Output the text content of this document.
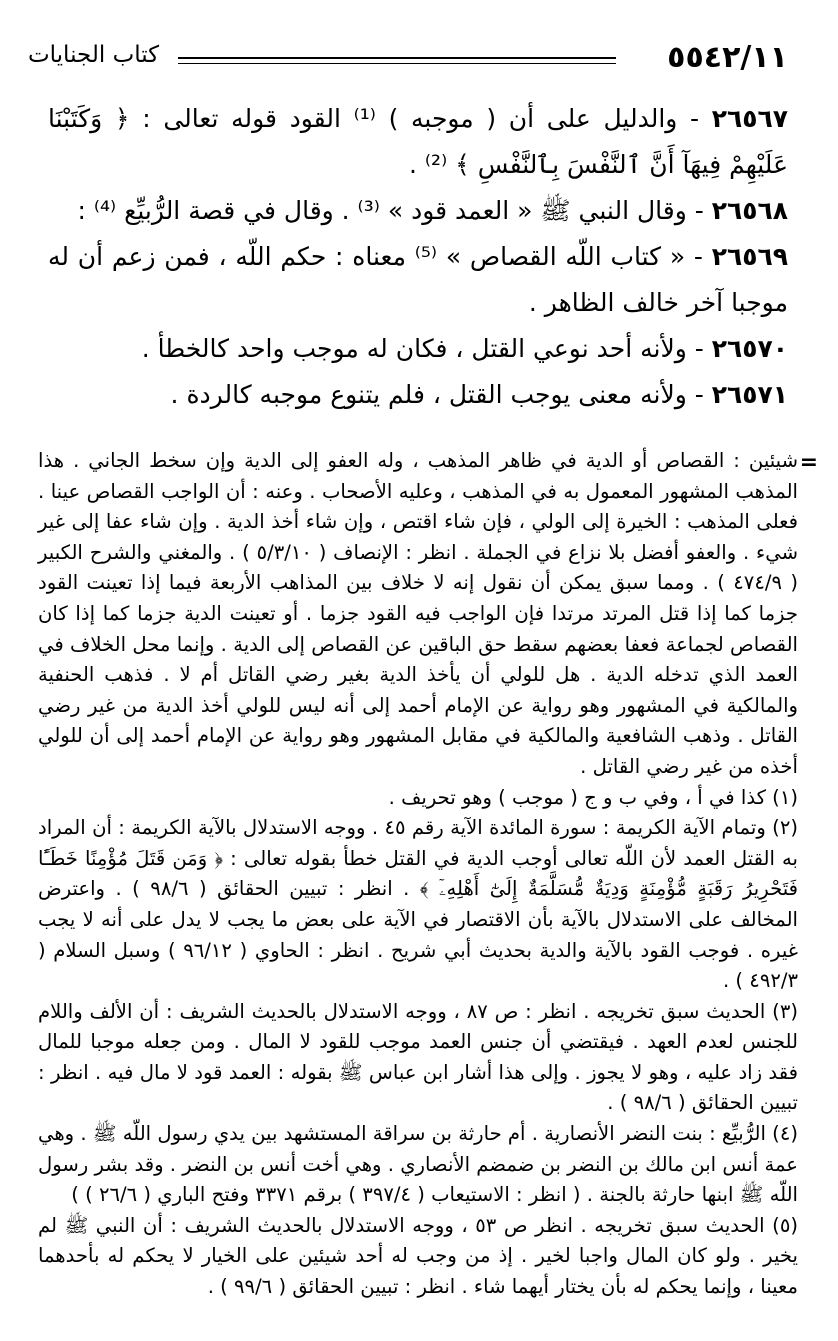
٥٥٤٢/١١
كتاب الجنايات

٢٦٥٦٧ - والدليل على أن ( موجبه ) ⁽¹⁾ القود قوله تعالى : ﴿ وَكَتَبْنَا عَلَيْهِمْ فِيهَآ أَنَّ ٱلنَّفْسَ بِٱلنَّفْسِ ﴾ ⁽²⁾ .

٢٦٥٦٨ - وقال النبي ﷺ « العمد قود » ⁽³⁾ . وقال في قصة الرُّبيِّع ⁽⁴⁾ :

٢٦٥٦٩ - « كتاب اللّه القصاص » ⁽⁵⁾ معناه : حكم اللّه ، فمن زعم أن له موجبا آخر خالف الظاهر .

٢٦٥٧٠ - ولأنه أحد نوعي القتل ، فكان له موجب واحد كالخطأ .

٢٦٥٧١ - ولأنه معنى يوجب القتل ، فلم يتنوع موجبه كالردة .

=

شيئين : القصاص أو الدية في ظاهر المذهب ، وله العفو إلى الدية وإن سخط الجاني . هذا المذهب المشهور المعمول به في المذهب ، وعليه الأصحاب . وعنه : أن الواجب القصاص عينا . فعلى المذهب : الخيرة إلى الولي ، فإن شاء اقتص ، وإن شاء أخذ الدية . وإن شاء عفا إلى غير شيء . والعفو أفضل بلا نزاع في الجملة . انظر : الإنصاف ( ٥/٣/١٠ ) . والمغني والشرح الكبير ( ٤٧٤/٩ ) . ومما سبق يمكن أن نقول إنه لا خلاف بين المذاهب الأربعة فيما إذا تعينت القود جزما كما إذا قتل المرتد مرتدا فإن الواجب فيه القود جزما . أو تعينت الدية جزما كما إذا كان القصاص لجماعة فعفا بعضهم سقط حق الباقين عن القصاص إلى الدية . وإنما محل الخلاف في العمد الذي تدخله الدية . هل للولي أن يأخذ الدية بغير رضي القاتل أم لا . فذهب الحنفية والمالكية في المشهور وهو رواية عن الإمام أحمد إلى أنه ليس للولي أخذ الدية من غير رضي القاتل . وذهب الشافعية والمالكية في مقابل المشهور وهو رواية عن الإمام أحمد إلى أن للولي أخذه من غير رضي القاتل .

(١) كذا في أ ، وفي ب و ج ( موجب ) وهو تحريف .

(٢) وتمام الآية الكريمة : سورة المائدة الآية رقم ٤٥ . ووجه الاستدلال بالآية الكريمة : أن المراد به القتل العمد لأن اللّه تعالى أوجب الدية في القتل خطأ بقوله تعالى : ﴿ وَمَن قَتَلَ مُؤْمِنًا خَطَـًٔا فَتَحْرِيرُ رَقَبَةٍ مُّؤْمِنَةٍ وَدِيَةٌ مُّسَلَّمَةٌ إِلَىٰٓ أَهْلِهِۦٓ ﴾ . انظر : تبيين الحقائق ( ٩٨/٦ ) . واعترض المخالف على الاستدلال بالآية بأن الاقتصار في الآية على بعض ما يجب لا يدل على أنه لا يجب غيره . فوجب القود بالآية والدية بحديث أبي شريح . انظر : الحاوي ( ٩٦/١٢ ) وسبل السلام ( ٤٩٢/٣ ) .

(٣) الحديث سبق تخريجه . انظر : ص ٨٧ ، ووجه الاستدلال بالحديث الشريف : أن الألف واللام للجنس لعدم العهد . فيقتضي أن جنس العمد موجب للقود لا المال . ومن جعله موجبا للمال فقد زاد عليه ، وهو لا يجوز . وإلى هذا أشار ابن عباس ﷺ بقوله : العمد قود لا مال فيه . انظر : تبيين الحقائق ( ٩٨/٦ ) .

(٤) الرُّبيِّع : بنت النضر الأنصارية . أم حارثة بن سراقة المستشهد بين يدي رسول اللّه ﷺ . وهي عمة أنس ابن مالك بن النضر بن ضمضم الأنصاري . وهي أخت أنس بن النضر . وقد بشر رسول اللّه ﷺ ابنها حارثة بالجنة . ( انظر : الاستيعاب ( ٣٩٧/٤ ) برقم ٣٣٧١ وفتح الباري ( ٢٦/٦ ) )

(٥) الحديث سبق تخريجه . انظر ص ٥٣ ، ووجه الاستدلال بالحديث الشريف : أن النبي ﷺ لم يخير . ولو كان المال واجبا لخير . إذ من وجب له أحد شيئين على الخيار لا يحكم له بأحدهما معينا ، وإنما يحكم له بأن يختار أيهما شاء . انظر : تبيين الحقائق ( ٩٩/٦ ) .
